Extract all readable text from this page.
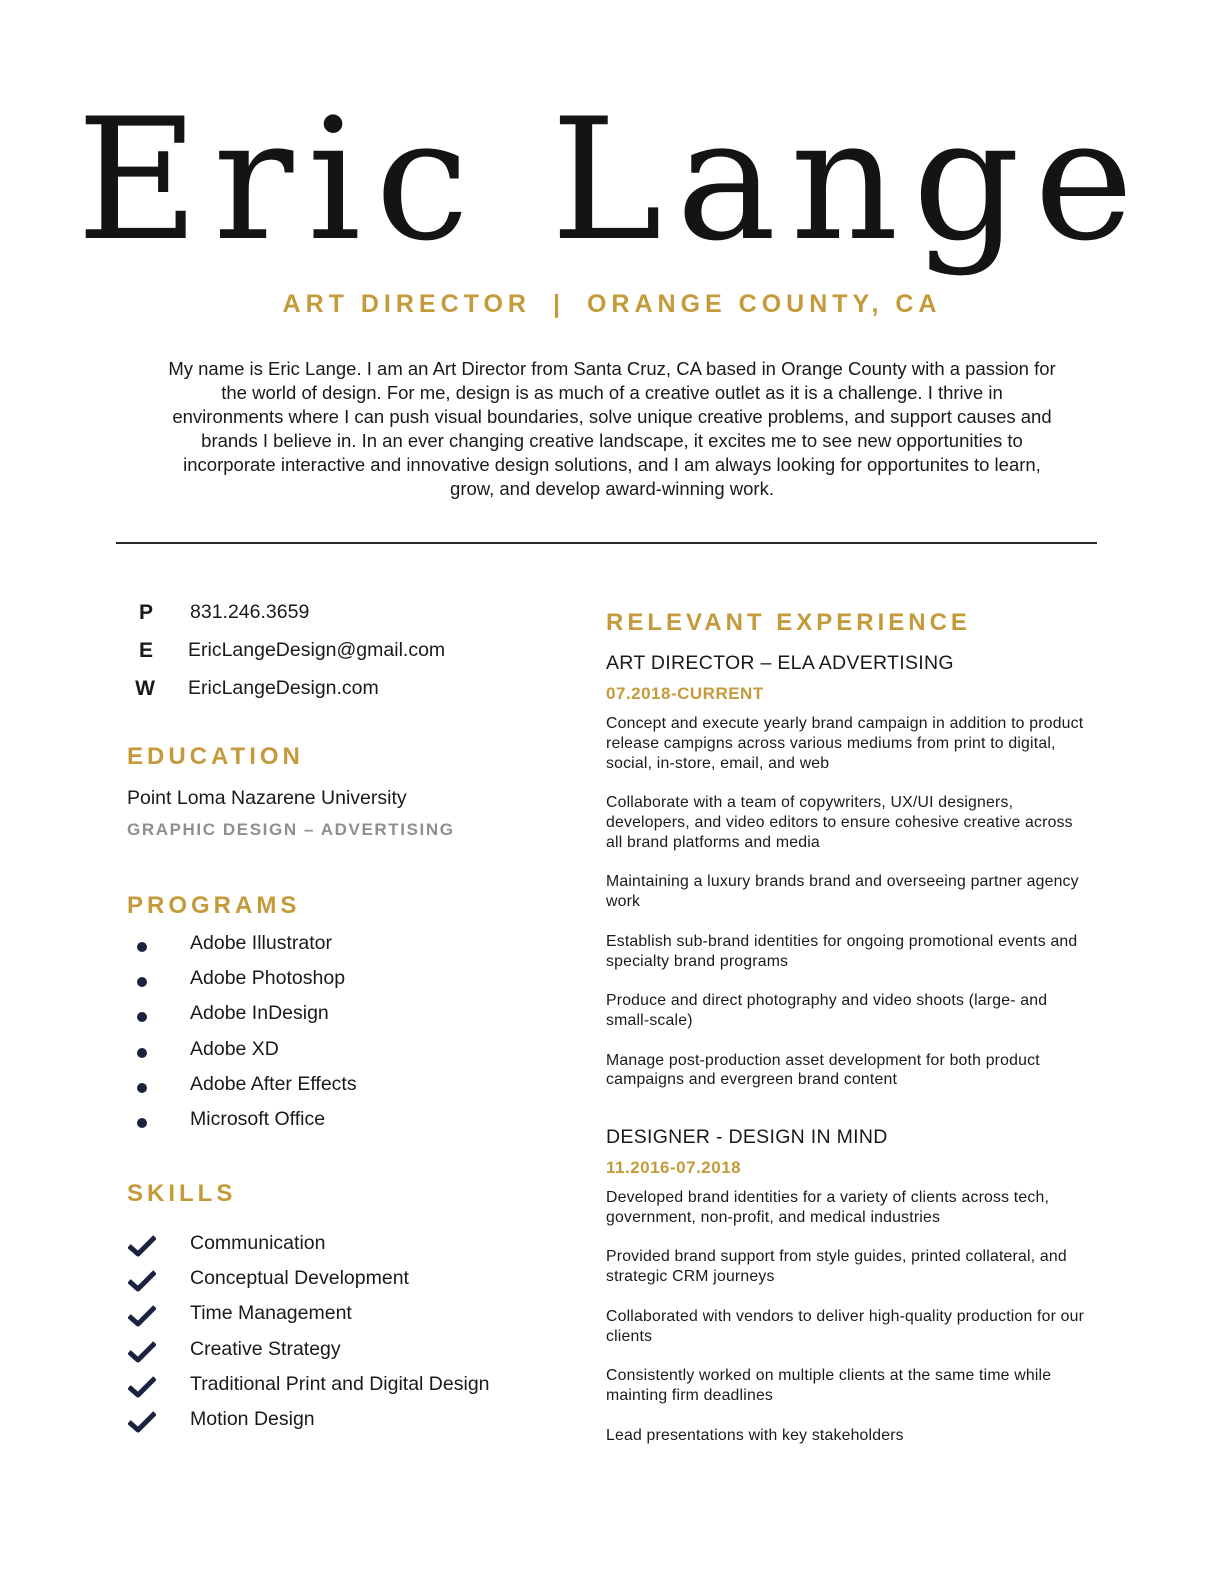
Eric Lange
ART DIRECTOR | ORANGE COUNTY, CA
My name is Eric Lange. I am an Art Director from Santa Cruz, CA based in Orange County with a passion for the world of design. For me, design is as much of a creative outlet as it is a challenge. I thrive in environments where I can push visual boundaries, solve unique creative problems, and support causes and brands I believe in. In an ever changing creative landscape, it excites me to see new opportunities to incorporate interactive and innovative design solutions, and I am always looking for opportunites to learn, grow, and develop award-winning work.
P	831.246.3659
E	EricLangeDesign@gmail.com
W	EricLangeDesign.com
EDUCATION
Point Loma Nazarene University
GRAPHIC DESIGN – ADVERTISING
PROGRAMS
Adobe Illustrator
Adobe Photoshop
Adobe InDesign
Adobe XD
Adobe After Effects
Microsoft Office
SKILLS
Communication
Conceptual Development
Time Management
Creative Strategy
Traditional Print and Digital Design
Motion Design
RELEVANT EXPERIENCE
ART DIRECTOR – ELA ADVERTISING
07.2018-CURRENT
Concept and execute yearly brand campaign in addition to product release campigns across various mediums from print to digital, social, in-store, email, and web
Collaborate with a team of copywriters, UX/UI designers, developers, and video editors to ensure cohesive creative across all brand platforms and media
Maintaining a luxury brands brand and overseeing partner agency work
Establish sub-brand identities for ongoing promotional events and specialty brand programs
Produce and direct photography and video shoots (large- and small-scale)
Manage post-production asset development for both product campaigns and evergreen brand content
DESIGNER - DESIGN IN MIND
11.2016-07.2018
Developed brand identities for a variety of clients across tech, government, non-profit, and medical industries
Provided brand support from style guides, printed collateral, and strategic CRM journeys
Collaborated with vendors to deliver high-quality production for our clients
Consistently worked on multiple clients at the same time while mainting firm deadlines
Lead presentations with key stakeholders
